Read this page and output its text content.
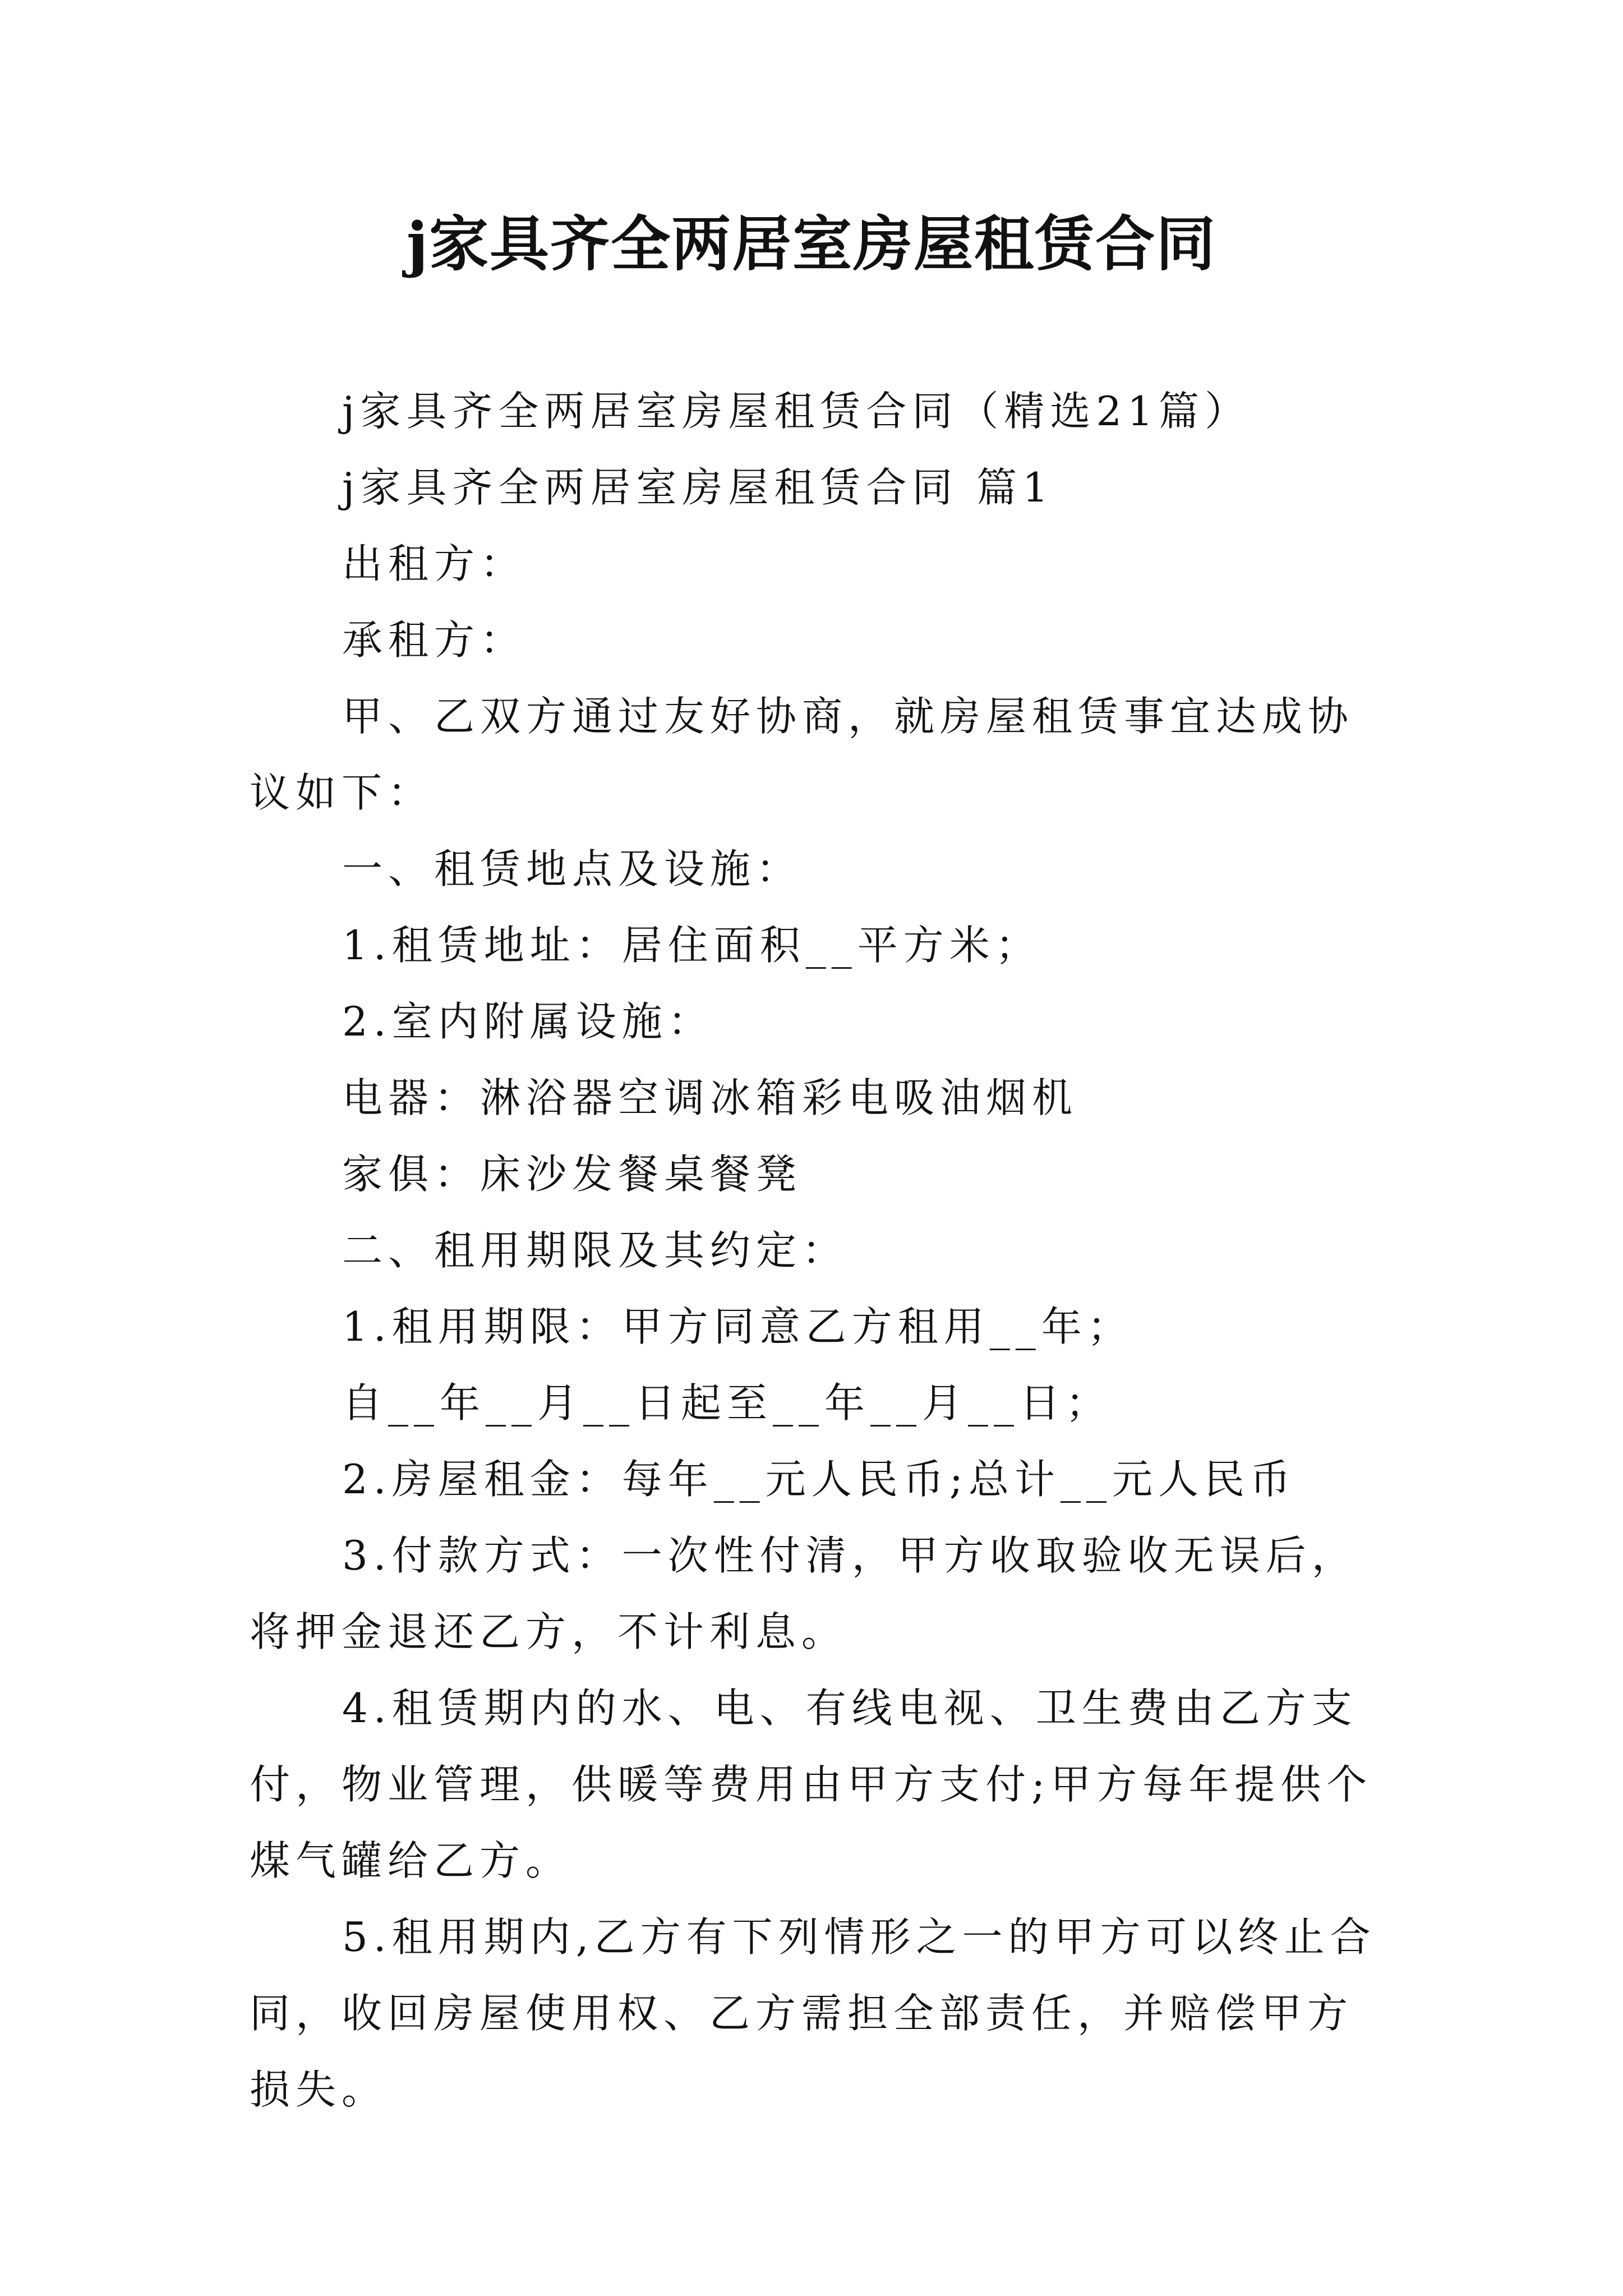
j家具齐全两居室房屋租赁合同

j家具齐全两居室房屋租赁合同（精选21篇）

j家具齐全两居室房屋租赁合同 篇1

出租方：

承租方：

甲、乙双方通过友好协商，就房屋租赁事宜达成协议如下：

一、租赁地点及设施：

1.租赁地址：居住面积__平方米；

2.室内附属设施：

电器：淋浴器空调冰箱彩电吸油烟机

家俱：床沙发餐桌餐凳

二、租用期限及其约定：

1.租用期限：甲方同意乙方租用__年；

自__年__月__日起至__年__月__日；

2.房屋租金：每年__元人民币;总计__元人民币

3.付款方式：一次性付清，甲方收取验收无误后，将押金退还乙方，不计利息。

4.租赁期内的水、电、有线电视、卫生费由乙方支付，物业管理，供暖等费用由甲方支付;甲方每年提供个煤气罐给乙方。

5.租用期内,乙方有下列情形之一的甲方可以终止合同，收回房屋使用权、乙方需担全部责任，并赔偿甲方损失。
